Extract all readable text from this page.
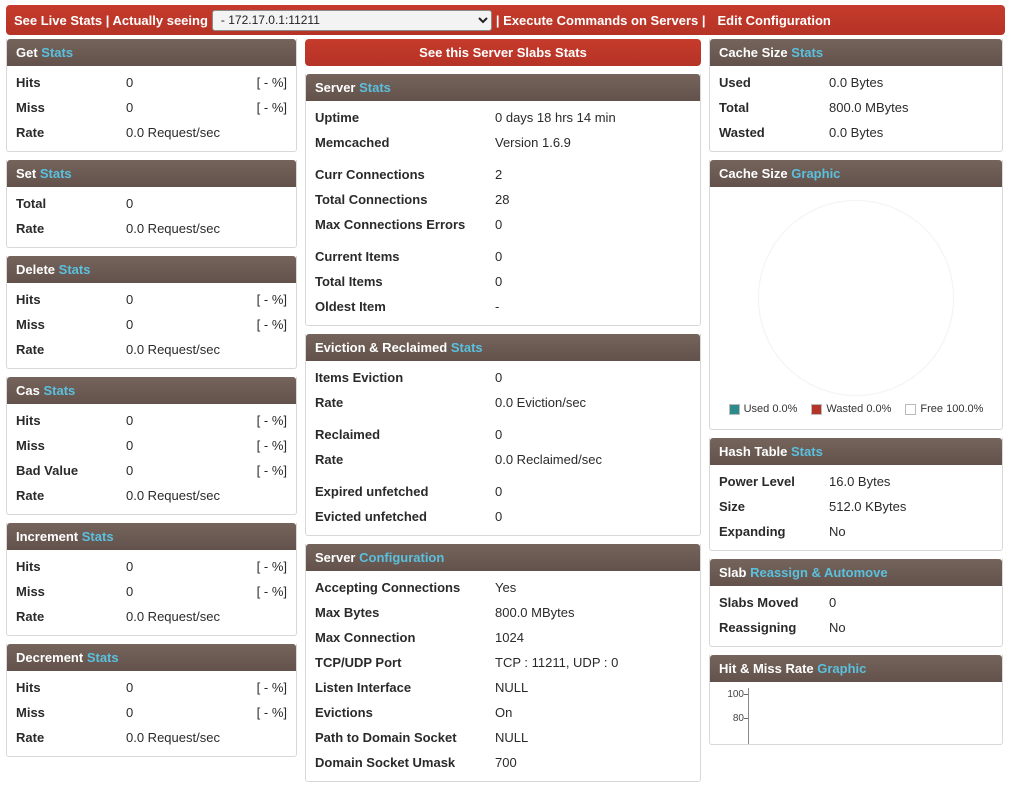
See Live Stats | Actually seeing
- 172.17.0.1:11211	| Execute Commands on Servers | Edit Configuration
Get Stats
Hits	0	[ - %]
Miss	0	[ - %]
Rate	0.0 Request/sec
Set Stats
Total	0
Rate	0.0 Request/sec
Delete Stats
Hits	0	[ - %]
Miss	0	[ - %]
Rate	0.0 Request/sec
Cas Stats
Hits	0	[ - %]
Miss	0	[ - %]
Bad Value	0	[ - %]
Rate	0.0 Request/sec
Increment Stats
Hits	0	[ - %]
Miss	0	[ - %]
Rate	0.0 Request/sec
Decrement Stats
Hits	0	[ - %]
Miss	0	[ - %]
Rate	0.0 Request/sec
See this Server Slabs Stats
Server Stats
Uptime	0 days 18 hrs 14 min
Memcached	Version 1.6.9
Curr Connections	2
Total Connections	28
Max Connections Errors	0
Current Items	0
Total Items	0
Oldest Item	-
Eviction & Reclaimed Stats
Items Eviction	0
Rate	0.0 Eviction/sec
Reclaimed	0
Rate	0.0 Reclaimed/sec
Expired unfetched	0
Evicted unfetched	0
Server Configuration
Accepting Connections	Yes
Max Bytes	800.0 MBytes
Max Connection	1024
TCP/UDP Port	TCP : 11211, UDP : 0
Listen Interface	NULL
Evictions	On
Path to Domain Socket	NULL
Domain Socket Umask	700
Cache Size Stats
Used	0.0 Bytes
Total	800.0 MBytes
Wasted	0.0 Bytes
Cache Size Graphic
Used 0.0%	Wasted 0.0%	Free 100.0%
Hash Table Stats
Power Level	16.0 Bytes
Size	512.0 KBytes
Expanding	No
Slab Reassign & Automove
Slabs Moved	0
Reassigning	No
Hit & Miss Rate Graphic
100
80
